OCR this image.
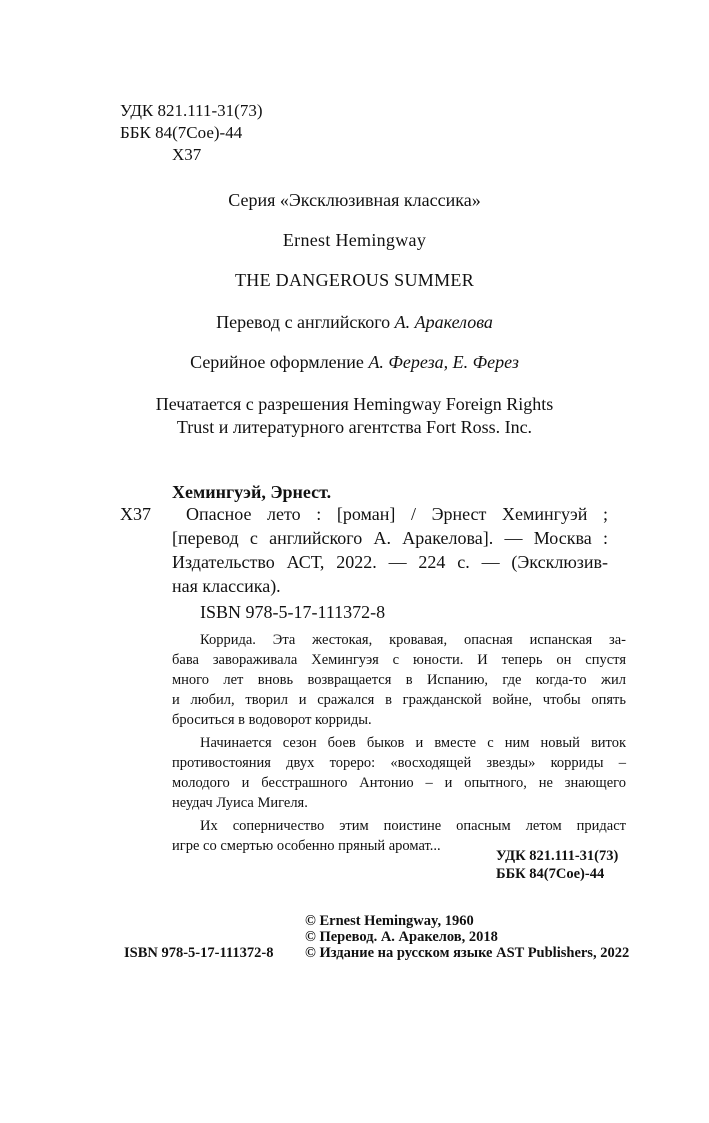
УДК 821.111-31(73)
ББК 84(7Сое)-44
Х37
Серия «Эксклюзивная классика»
Ernest Hemingway
THE DANGEROUS SUMMER
Перевод с английского А. Аракелова
Серийное оформление А. Фереза, Е. Ферез
Печатается с разрешения Hemingway Foreign Rights
Trust и литературного агентства Fort Ross. Inc.
Хемингуэй, Эрнест.
Х37	Опасное лето : [роман] / Эрнест Хемингуэй ;
[перевод с английского А. Аракелова]. — Москва :
Издательство АСТ, 2022. — 224 с. — (Эксклюзив-
ная классика).
ISBN 978-5-17-111372-8
Коррида. Эта жестокая, кровавая, опасная испанская за-
бава завораживала Хемингуэя с юности. И теперь он спустя
много лет вновь возвращается в Испанию, где когда-то жил
и любил, творил и сражался в гражданской войне, чтобы опять
броситься в водоворот корриды.
Начинается сезон боев быков и вместе с ним новый виток
противостояния двух тореро: «восходящей звезды» корриды –
молодого и бесстрашного Антонио – и опытного, не знающего
неудач Луиса Мигеля.
Их соперничество этим поистине опасным летом придаст
игре со смертью особенно пряный аромат...
УДК 821.111-31(73)
ББК 84(7Сое)-44
ISBN 978-5-17-111372-8
© Ernest Hemingway, 1960
© Перевод. А. Аракелов, 2018
© Издание на русском языке AST Publishers, 2022
